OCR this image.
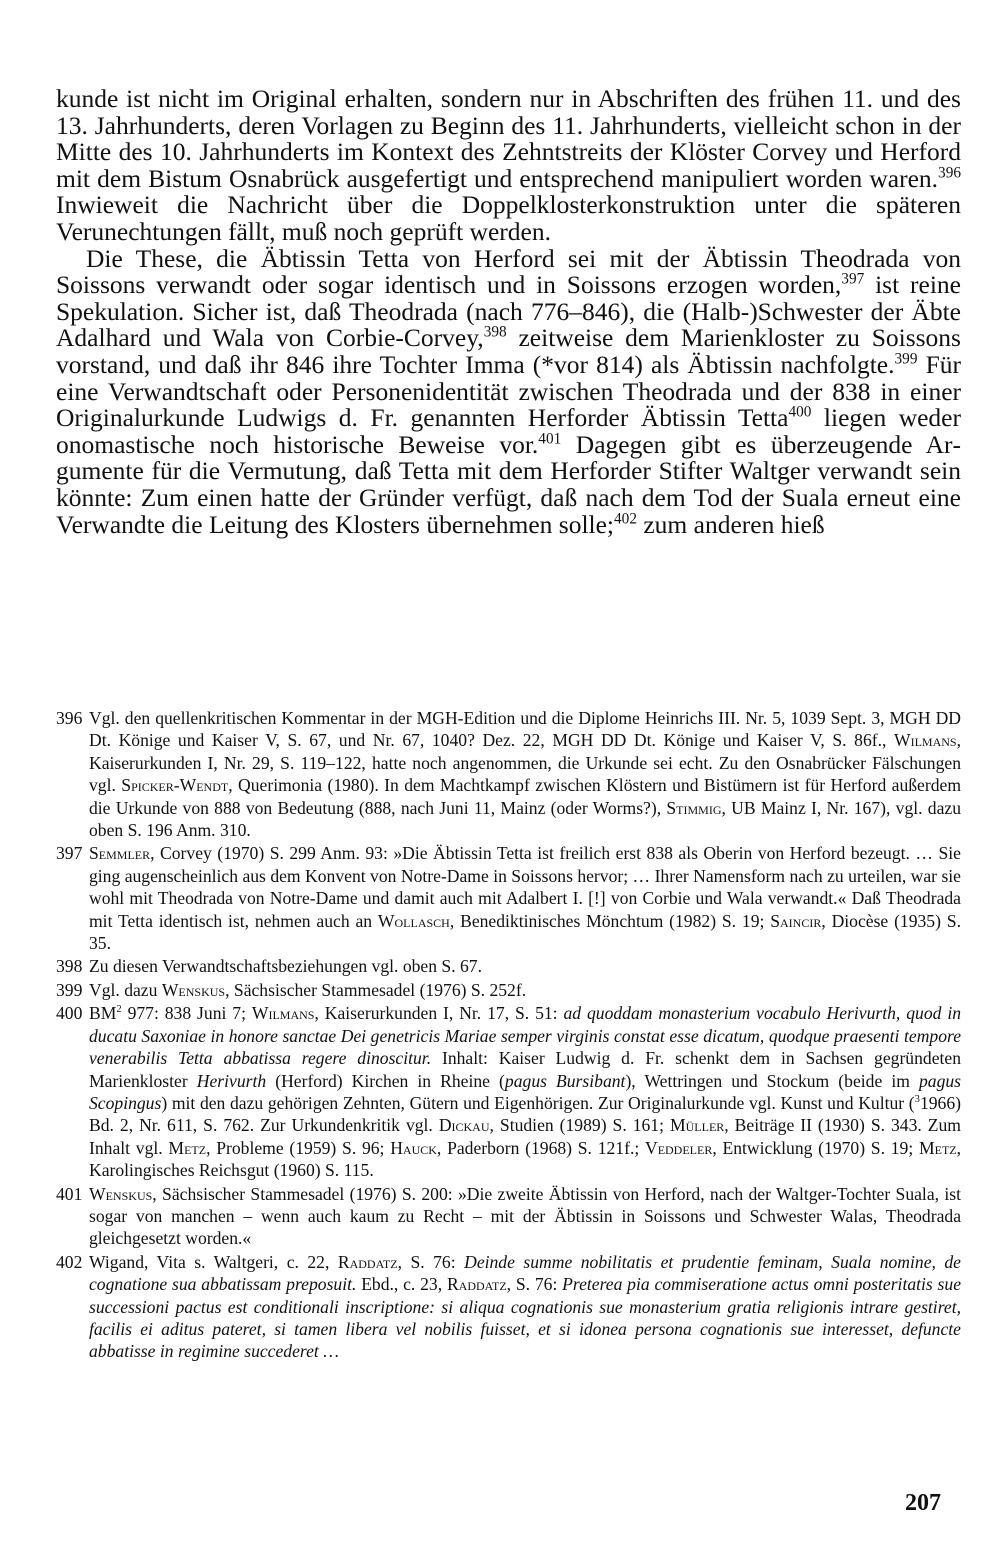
kunde ist nicht im Original erhalten, sondern nur in Abschriften des frühen 11. und des 13. Jahrhunderts, deren Vorlagen zu Beginn des 11. Jahrhunderts, vielleicht schon in der Mitte des 10. Jahrhunderts im Kontext des Zehntstreits der Klöster Corvey und Herford mit dem Bistum Osnabrück ausgefertigt und entsprechend manipuliert worden waren.$^{396}$ Inwieweit die Nachricht über die Doppelklosterkonstruktion unter die späteren Verunechtungen fällt, muß noch geprüft werden.

Die These, die Äbtissin Tetta von Herford sei mit der Äbtissin Theodrada von Soissons verwandt oder sogar identisch und in Soissons erzogen worden,$^{397}$ ist reine Spekulation. Sicher ist, daß Theodrada (nach 776–846), die (Halb-)Schwester der Äbte Adalhard und Wala von Corbie-Corvey,$^{398}$ zeitweise dem Marienkloster zu Soissons vorstand, und daß ihr 846 ihre Tochter Imma (*vor 814) als Äbtissin nachfolgte.$^{399}$ Für eine Verwandtschaft oder Personenidentität zwischen Theodrada und der 838 in einer Originalurkunde Ludwigs d. Fr. genannten Herforder Äbtissin Tetta$^{400}$ liegen weder onomastische noch historische Beweise vor.$^{401}$ Dagegen gibt es überzeugende Argumente für die Vermutung, daß Tetta mit dem Herforder Stifter Waltger verwandt sein könnte: Zum einen hatte der Gründer verfügt, daß nach dem Tod der Suala erneut eine Verwandte die Leitung des Klosters übernehmen solle;$^{402}$ zum anderen hieß

396 Vgl. den quellenkritischen Kommentar in der MGH-Edition und die Diplome Heinrichs III. Nr. 5, 1039 Sept. 3, MGH DD Dt. Könige und Kaiser V, S. 67, und Nr. 67, 1040? Dez. 22, MGH DD Dt. Könige und Kaiser V, S. 86f., Wilmans, Kaiserurkunden I, Nr. 29, S. 119–122, hatte noch angenommen, die Urkunde sei echt. Zu den Osnabrücker Fälschungen vgl. Spicker-Wendt, Querimonia (1980). In dem Machtkampf zwischen Klöstern und Bistümern ist für Herford außerdem die Urkunde von 888 von Bedeutung (888, nach Juni 11, Mainz (oder Worms?), Stimmig, UB Mainz I, Nr. 167), vgl. dazu oben S. 196 Anm. 310.
397 Semmler, Corvey (1970) S. 299 Anm. 93: »Die Äbtissin Tetta ist freilich erst 838 als Oberin von Herford bezeugt. … Sie ging augenscheinlich aus dem Konvent von Notre-Dame in Soissons hervor; … Ihrer Namensform nach zu urteilen, war sie wohl mit Theodrada von Notre-Dame und damit auch mit Adalbert I. [!] von Corbie und Wala verwandt.« Daß Theodrada mit Tetta identisch ist, nehmen auch an Wollasch, Benediktinisches Mönchtum (1982) S. 19; Saincir, Diocèse (1935) S. 35.
398 Zu diesen Verwandtschaftsbeziehungen vgl. oben S. 67.
399 Vgl. dazu Wenskus, Sächsischer Stammesadel (1976) S. 252f.
400 $BM^2$ 977: 838 Juni 7; Wilmans, Kaiserurkunden I, Nr. 17, S. 51: ad quoddam monasterium vocabulo Herivurth, quod in ducatu Saxoniae in honore sanctae Dei genetricis Mariae semper virginis constat esse dicatum, quodque praesenti tempore venerabilis Tetta abbatissa regere dinoscitur. Inhalt: Kaiser Ludwig d. Fr. schenkt dem in Sachsen gegründeten Marienkloster Herivurth (Herford) Kirchen in Rheine (pagus Bursibant), Wettringen und Stockum (beide im pagus Scopingus) mit den dazu gehörigen Zehnten, Gütern und Eigenhörigen. Zur Originalurkunde vgl. Kunst und Kultur ($^3$1966) Bd. 2, Nr. 611, S. 762. Zur Urkundenkritik vgl. Dickau, Studien (1989) S. 161; Müller, Beiträge II (1930) S. 343. Zum Inhalt vgl. Metz, Probleme (1959) S. 96; Hauck, Paderborn (1968) S. 121f.; Veddeler, Entwicklung (1970) S. 19; Metz, Karolingisches Reichsgut (1960) S. 115.
401 Wenskus, Sächsischer Stammesadel (1976) S. 200: »Die zweite Äbtissin von Herford, nach der Waltger-Tochter Suala, ist sogar von manchen – wenn auch kaum zu Recht – mit der Äbtissin in Soissons und Schwester Walas, Theodrada gleichgesetzt worden.«
402 Wigand, Vita s. Waltgeri, c. 22, Raddatz, S. 76: Deinde summe nobilitatis et prudentie feminam, Suala nomine, de cognatione sua abbatissam preposuit. Ebd., c. 23, Raddatz, S. 76: Preterea pia commiseratione actus omni posteritatis sue successioni pactus est conditionali inscriptione: si aliqua cognationis sue monasterium gratia religionis intrare gestiret, facilis ei aditus pateret, si tamen libera vel nobilis fuisset, et si idonea persona cognationis sue interesset, defuncte abbatisse in regimine succederet …
207
